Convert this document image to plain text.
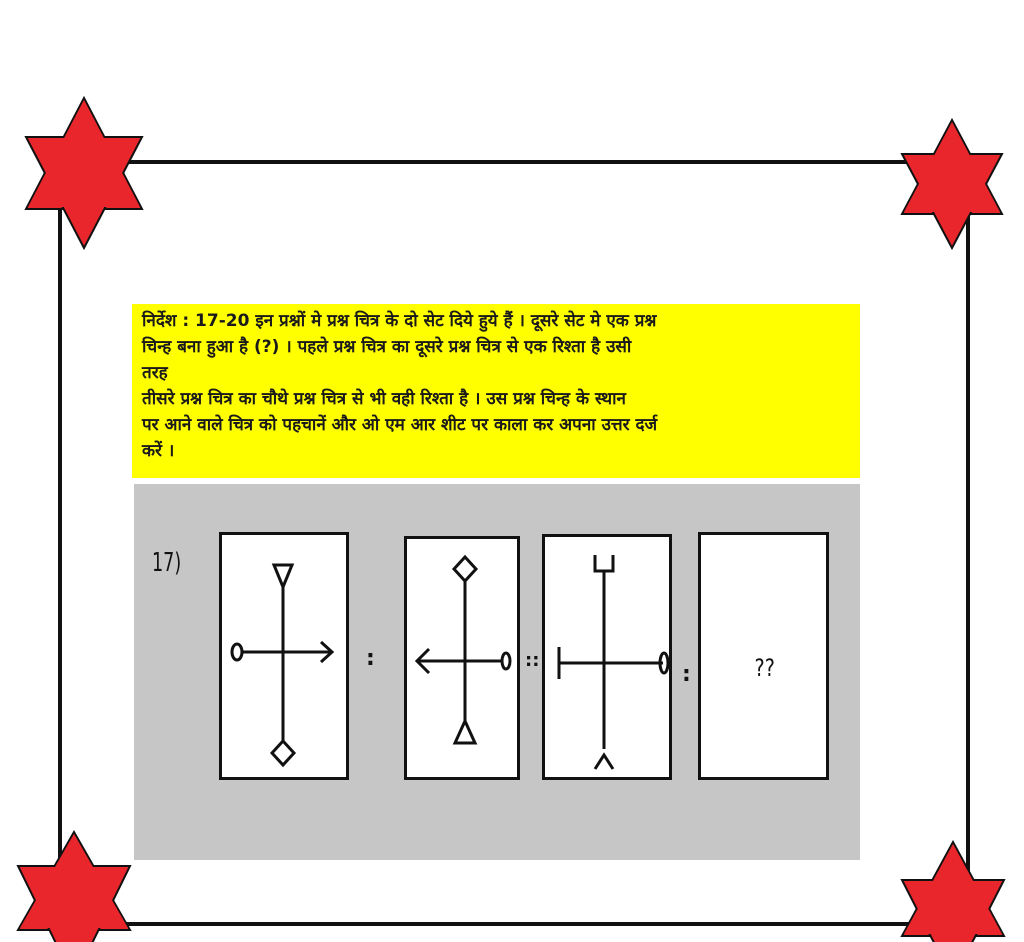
निर्देश : 17-20 इन प्रश्नों मे प्रश्न चित्र के दो सेट दिये हुये हैं । दूसरे सेट मे एक प्रश्न

चिन्ह बना हुआ है (?) । पहले प्रश्न चित्र का दूसरे प्रश्न चित्र से एक रिश्ता है उसी

तरह

तीसरे प्रश्न चित्र का चौथे प्रश्न चित्र से भी वही रिश्ता है । उस प्रश्न चिन्ह के स्थान

पर आने वाले चित्र को पहचानें और ओ एम आर शीट पर काला कर अपना उत्तर दर्ज

करें ।

17)
:	::
:	??
